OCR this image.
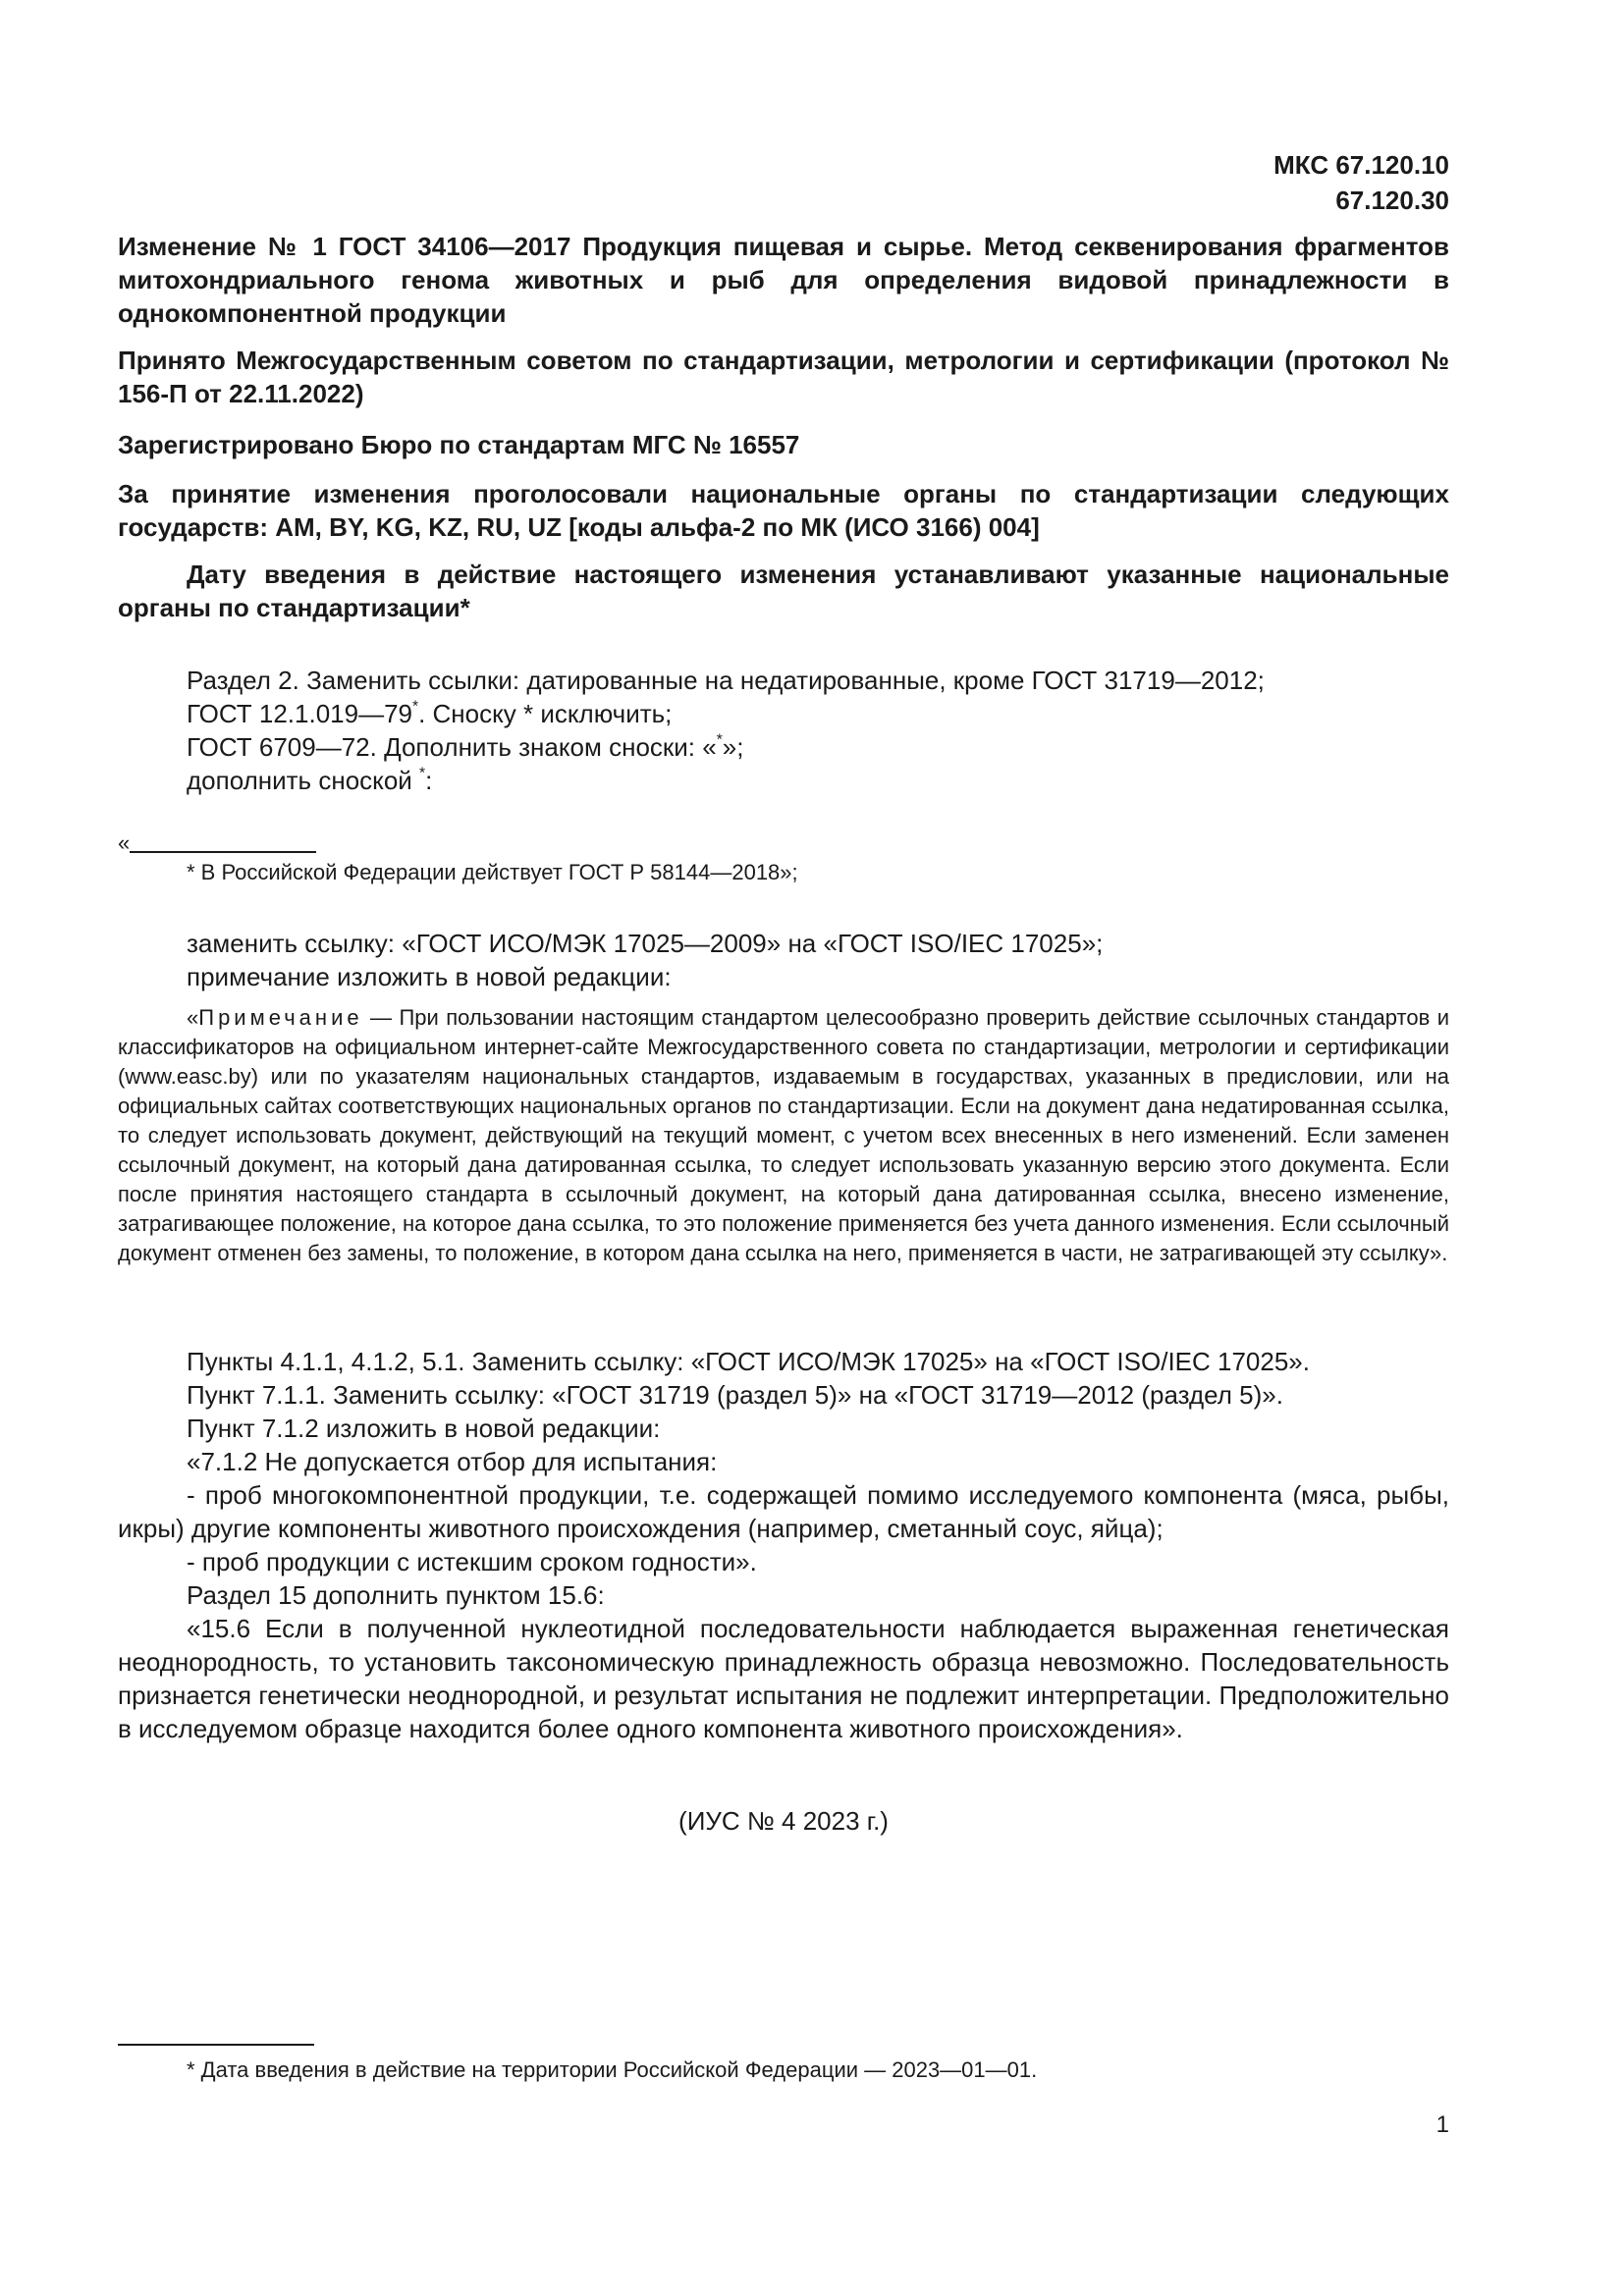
МКС 67.120.10
67.120.30
Изменение № 1 ГОСТ 34106—2017 Продукция пищевая и сырье. Метод секвенирования фрагментов митохондриального генома животных и рыб для определения видовой принадлежности в однокомпонентной продукции
Принято Межгосударственным советом по стандартизации, метрологии и сертификации (протокол № 156-П от 22.11.2022)
Зарегистрировано Бюро по стандартам МГС № 16557
За принятие изменения проголосовали национальные органы по стандартизации следующих государств: AM, BY, KG, KZ, RU, UZ [коды альфа-2 по МК (ИСО 3166) 004]
Дату введения в действие настоящего изменения устанавливают указанные национальные органы по стандартизации*
Раздел 2. Заменить ссылки: датированные на недатированные, кроме ГОСТ 31719—2012;
ГОСТ 12.1.019—79*. Сноску * исключить;
ГОСТ 6709—72. Дополнить знаком сноски: «*»;
дополнить сноской *:
«
* В Российской Федерации действует ГОСТ Р 58144—2018»;
заменить ссылку: «ГОСТ ИСО/МЭК 17025—2009» на «ГОСТ ISO/IEC 17025»;
примечание изложить в новой редакции:
«Примечание — При пользовании настоящим стандартом целесообразно проверить действие ссылочных стандартов и классификаторов на официальном интернет-сайте Межгосударственного совета по стандартизации, метрологии и сертификации (www.easc.by) или по указателям национальных стандартов, издаваемым в государствах, указанных в предисловии, или на официальных сайтах соответствующих национальных органов по стандартизации. Если на документ дана недатированная ссылка, то следует использовать документ, действующий на текущий момент, с учетом всех внесенных в него изменений. Если заменен ссылочный документ, на который дана датированная ссылка, то следует использовать указанную версию этого документа. Если после принятия настоящего стандарта в ссылочный документ, на который дана датированная ссылка, внесено изменение, затрагивающее положение, на которое дана ссылка, то это положение применяется без учета данного изменения. Если ссылочный документ отменен без замены, то положение, в котором дана ссылка на него, применяется в части, не затрагивающей эту ссылку».
Пункты 4.1.1, 4.1.2, 5.1. Заменить ссылку: «ГОСТ ИСО/МЭК 17025» на «ГОСТ ISO/IEC 17025».
Пункт 7.1.1. Заменить ссылку: «ГОСТ 31719 (раздел 5)» на «ГОСТ 31719—2012 (раздел 5)».
Пункт 7.1.2 изложить в новой редакции:
«7.1.2 Не допускается отбор для испытания:
- проб многокомпонентной продукции, т.е. содержащей помимо исследуемого компонента (мяса, рыбы, икры) другие компоненты животного происхождения (например, сметанный соус, яйца);
- проб продукции с истекшим сроком годности».
Раздел 15 дополнить пунктом 15.6:
«15.6 Если в полученной нуклеотидной последовательности наблюдается выраженная генетическая неоднородность, то установить таксономическую принадлежность образца невозможно. Последовательность признается генетически неоднородной, и результат испытания не подлежит интерпретации. Предположительно в исследуемом образце находится более одного компонента животного происхождения».
(ИУС № 4 2023 г.)
* Дата введения в действие на территории Российской Федерации — 2023—01—01.
1
